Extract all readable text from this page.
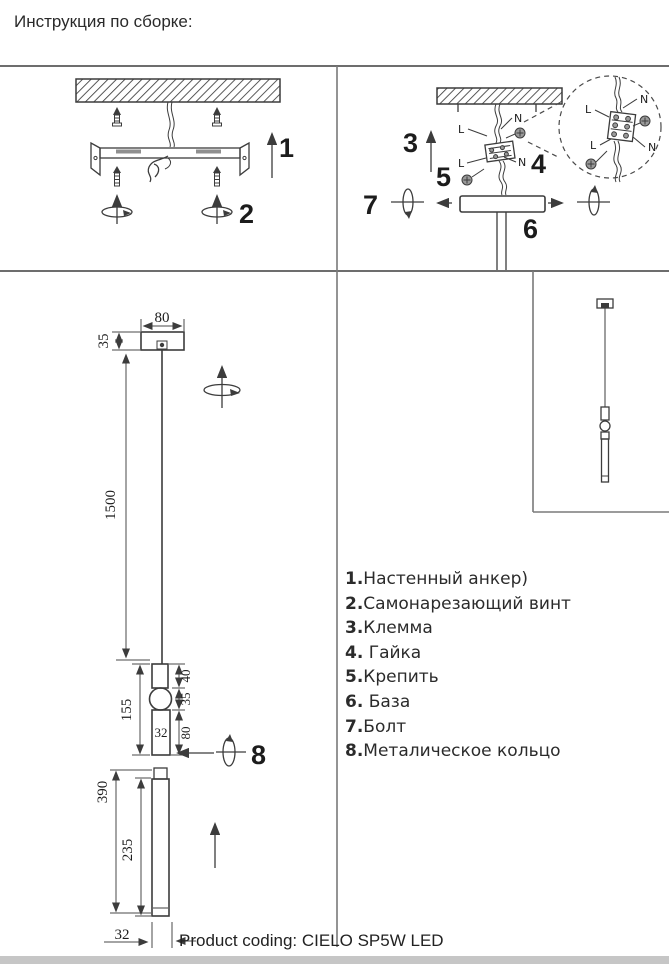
Инструкция по сборке:
1
2
N
L
L	N 4
3
5
6
7
N
L
L	N
80
35
1500
32
40
35
80
155
8
390
235
32
1.Настенный анкер)
2.Самонарезающий винт
3.Клемма
4. Гайка
5.Крепить
6. База
7.Болт
8.Металическое кольцо
Product coding: CIELO SP5W LED
